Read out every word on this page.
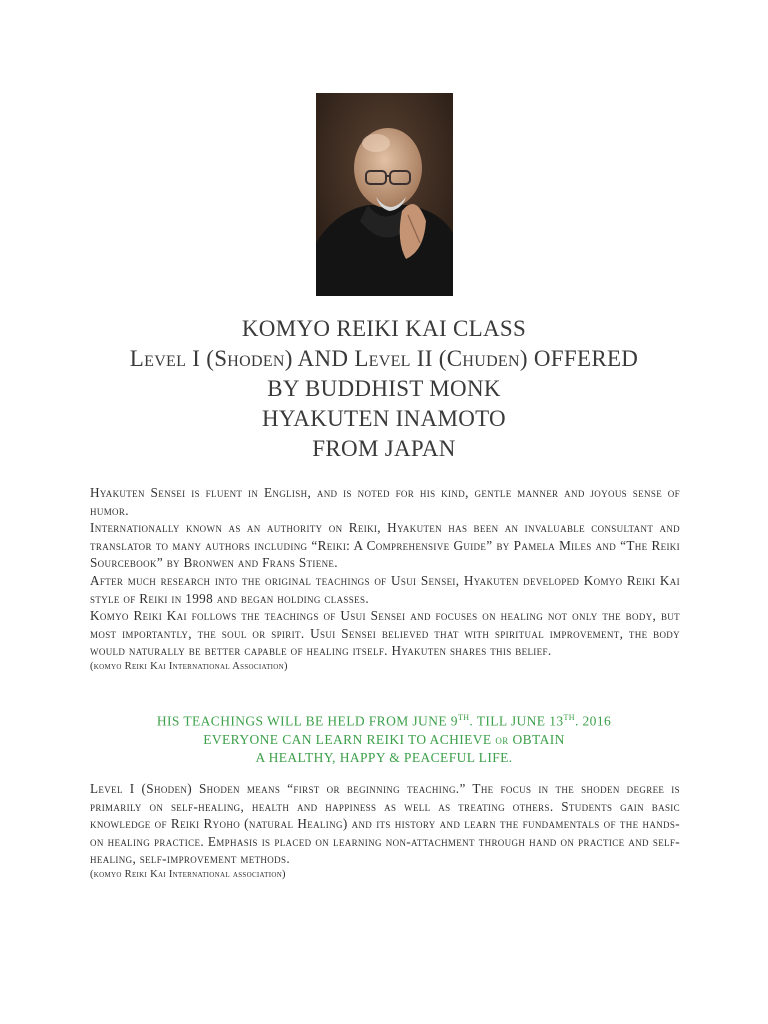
KOMYO REIKI KAI CLASS
Level I (Shoden) AND Level II (Chuden) OFFERED
BY BUDDHIST MONK
HYAKUTEN INAMOTO
FROM JAPAN

Hyakuten Sensei is fluent in English, and is noted for his kind, gentle manner and joyous sense of humor.

Internationally known as an authority on Reiki, Hyakuten has been an invaluable consultant and translator to many authors including “Reiki: A Comprehensive Guide” by Pamela Miles and “The Reiki Sourcebook” by Bronwen and Frans Stiene.

After much research into the original teachings of Usui Sensei, Hyakuten developed Komyo Reiki Kai style of Reiki in 1998 and began holding classes.

Komyo Reiki Kai follows the teachings of Usui Sensei and focuses on healing not only the body, but most importantly, the soul or spirit. Usui Sensei believed that with spiritual improvement, the body would naturally be better capable of healing itself. Hyakuten shares this belief.

(komyo Reiki Kai International Association)

HIS TEACHINGS WILL BE HELD FROM JUNE 9TH. TILL JUNE 13TH. 2016
EVERYONE CAN LEARN REIKI TO ACHIEVE or OBTAIN
A HEALTHY, HAPPY & PEACEFUL LIFE.

Level I (Shoden) Shoden means “first or beginning teaching.” The focus in the shoden degree is primarily on self-healing, health and happiness as well as treating others. Students gain basic knowledge of Reiki Ryoho (natural Healing) and its history and learn the fundamentals of the hands-on healing practice. Emphasis is placed on learning non-attachment through hand on practice and self-healing, self-improvement methods.

(komyo Reiki Kai International association)
